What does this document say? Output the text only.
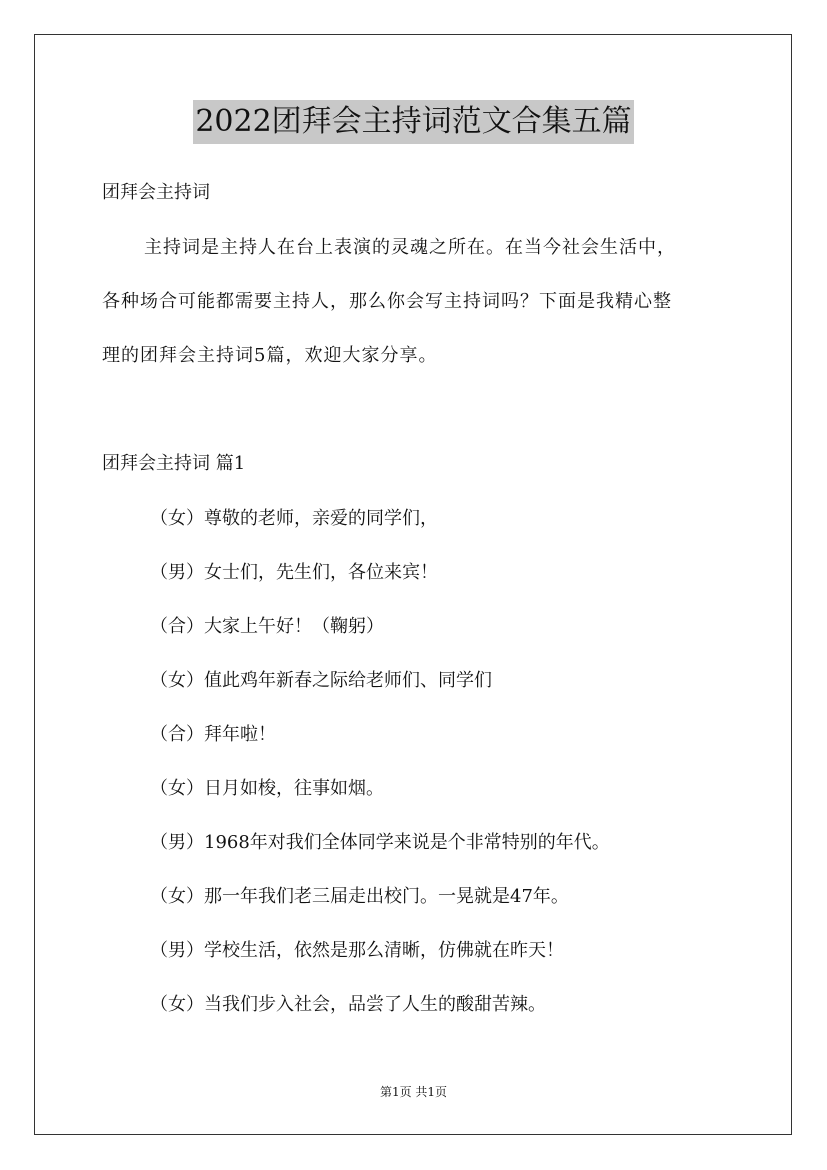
2022团拜会主持词范文合集五篇
团拜会主持词
主持词是主持人在台上表演的灵魂之所在。在当今社会生活中，
各种场合可能都需要主持人，那么你会写主持词吗？下面是我精心整
理的团拜会主持词5篇，欢迎大家分享。
团拜会主持词 篇1
（女）尊敬的老师，亲爱的同学们，
（男）女士们，先生们，各位来宾！
（合）大家上午好！（鞠躬）
（女）值此鸡年新春之际给老师们、同学们
（合）拜年啦！
（女）日月如梭，往事如烟。
（男）1968年对我们全体同学来说是个非常特别的年代。
（女）那一年我们老三届走出校门。一晃就是47年。
（男）学校生活，依然是那么清晰，仿佛就在昨天！
（女）当我们步入社会，品尝了人生的酸甜苦辣。
第1页 共1页
